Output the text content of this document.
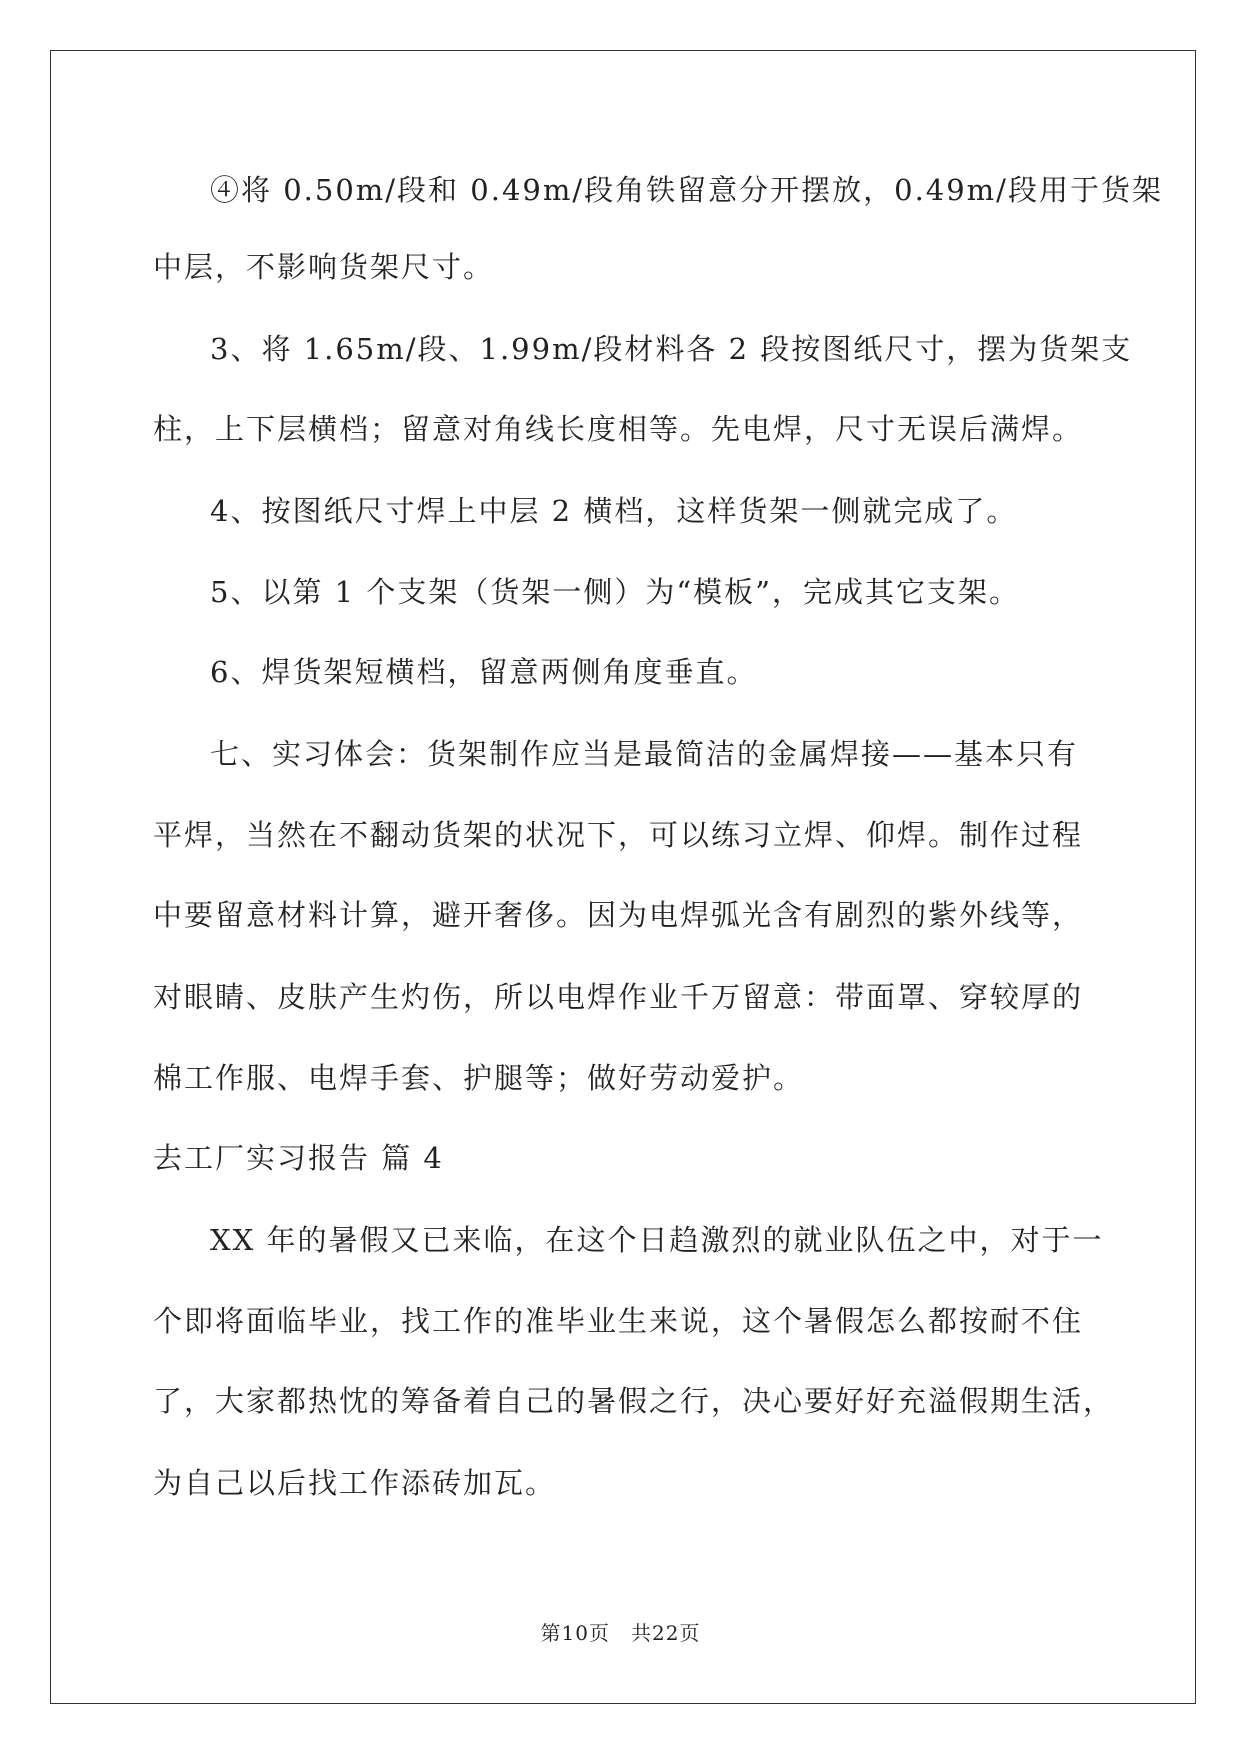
④将 0.50m/段和 0.49m/段角铁留意分开摆放，0.49m/段用于货架
中层，不影响货架尺寸。
3、将 1.65m/段、1.99m/段材料各 2 段按图纸尺寸，摆为货架支
柱，上下层横档；留意对角线长度相等。先电焊，尺寸无误后满焊。
4、按图纸尺寸焊上中层 2 横档，这样货架一侧就完成了。
5、以第 1 个支架（货架一侧）为“模板”，完成其它支架。
6、焊货架短横档，留意两侧角度垂直。
七、实习体会：货架制作应当是最简洁的金属焊接——基本只有
平焊，当然在不翻动货架的状况下，可以练习立焊、仰焊。制作过程
中要留意材料计算，避开奢侈。因为电焊弧光含有剧烈的紫外线等，
对眼睛、皮肤产生灼伤，所以电焊作业千万留意：带面罩、穿较厚的
棉工作服、电焊手套、护腿等；做好劳动爱护。
去工厂实习报告 篇 4
XX 年的暑假又已来临，在这个日趋激烈的就业队伍之中，对于一
个即将面临毕业，找工作的准毕业生来说，这个暑假怎么都按耐不住
了，大家都热忱的筹备着自己的暑假之行，决心要好好充溢假期生活，
为自己以后找工作添砖加瓦。
第10页　共22页
